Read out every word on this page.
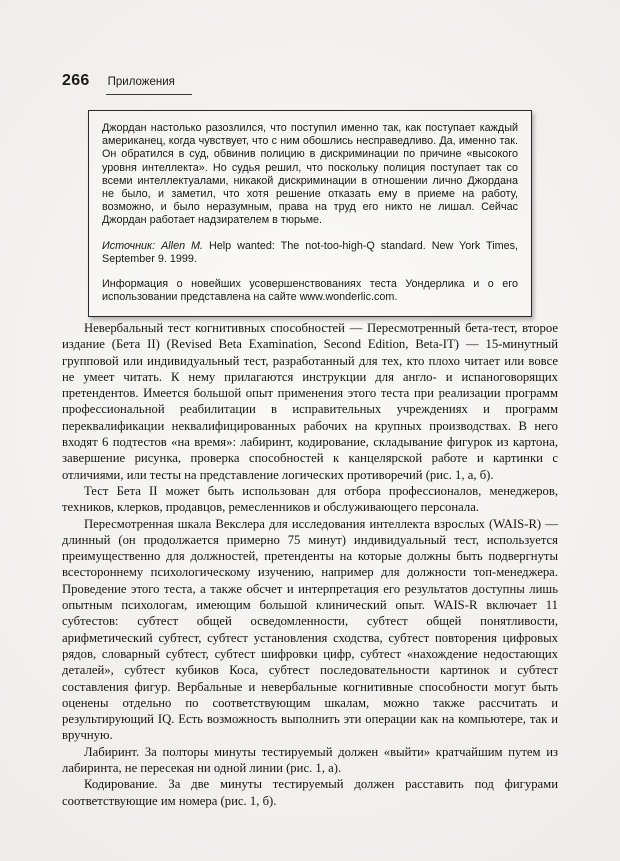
266 Приложения

Джордан настолько разозлился, что поступил именно так, как поступает каждый американец, когда чувствует, что с ним обошлись несправедливо. Да, именно так. Он обратился в суд, обвинив полицию в дискриминации по причине «высокого уровня интеллекта». Но судья решил, что поскольку полиция поступает так со всеми интеллектуалами, никакой дискриминации в отношении лично Джордана не было, и заметил, что хотя решение отказать ему в приеме на работу, возможно, и было неразумным, права на труд его никто не лишал. Сейчас Джордан работает надзирателем в тюрьме.

Источник: Allen M. Help wanted: The not-too-high-Q standard. New York Times, September 9. 1999.

Информация о новейших усовершенствованиях теста Уондерлика и о его использовании представлена на сайте www.wonderlic.com.

Невербальный тест когнитивных способностей — Пересмотренный бета-тест, второе издание (Бета II) (Revised Beta Examination, Second Edition, Beta-IT) — 15-минутный групповой или индивидуальный тест, разработанный для тех, кто плохо читает или вовсе не умеет читать. К нему прилагаются инструкции для англо- и испаноговорящих претендентов. Имеется большой опыт применения этого теста при реализации программ профессиональной реабилитации в исправительных учреждениях и программ переквалификации неквалифицированных рабочих на крупных производствах. В него входят 6 подтестов «на время»: лабиринт, кодирование, складывание фигурок из картона, завершение рисунка, проверка способностей к канцелярской работе и картинки с отличиями, или тесты на представление логических противоречий (рис. 1, а, б).

Тест Бета II может быть использован для отбора профессионалов, менеджеров, техников, клерков, продавцов, ремесленников и обслуживающего персонала.

Пересмотренная шкала Векслера для исследования интеллекта взрослых (WAIS-R) — длинный (он продолжается примерно 75 минут) индивидуальный тест, используется преимущественно для должностей, претенденты на которые должны быть подвергнуты всестороннему психологическому изучению, например для должности топ-менеджера. Проведение этого теста, а также обсчет и интерпретация его результатов доступны лишь опытным психологам, имеющим большой клинический опыт. WAIS-R включает 11 субтестов: субтест общей осведомленности, субтест общей понятливости, арифметический субтест, субтест установления сходства, субтест повторения цифровых рядов, словарный субтест, субтест шифровки цифр, субтест «нахождение недостающих деталей», субтест кубиков Коса, субтест последовательности картинок и субтест составления фигур. Вербальные и невербальные когнитивные способности могут быть оценены отдельно по соответствующим шкалам, можно также рассчитать и результирующий IQ. Есть возможность выполнить эти операции как на компьютере, так и вручную.

Лабиринт. За полторы минуты тестируемый должен «выйти» кратчайшим путем из лабиринта, не пересекая ни одной линии (рис. 1, а).

Кодирование. За две минуты тестируемый должен расставить под фигурами соответствующие им номера (рис. 1, б).
